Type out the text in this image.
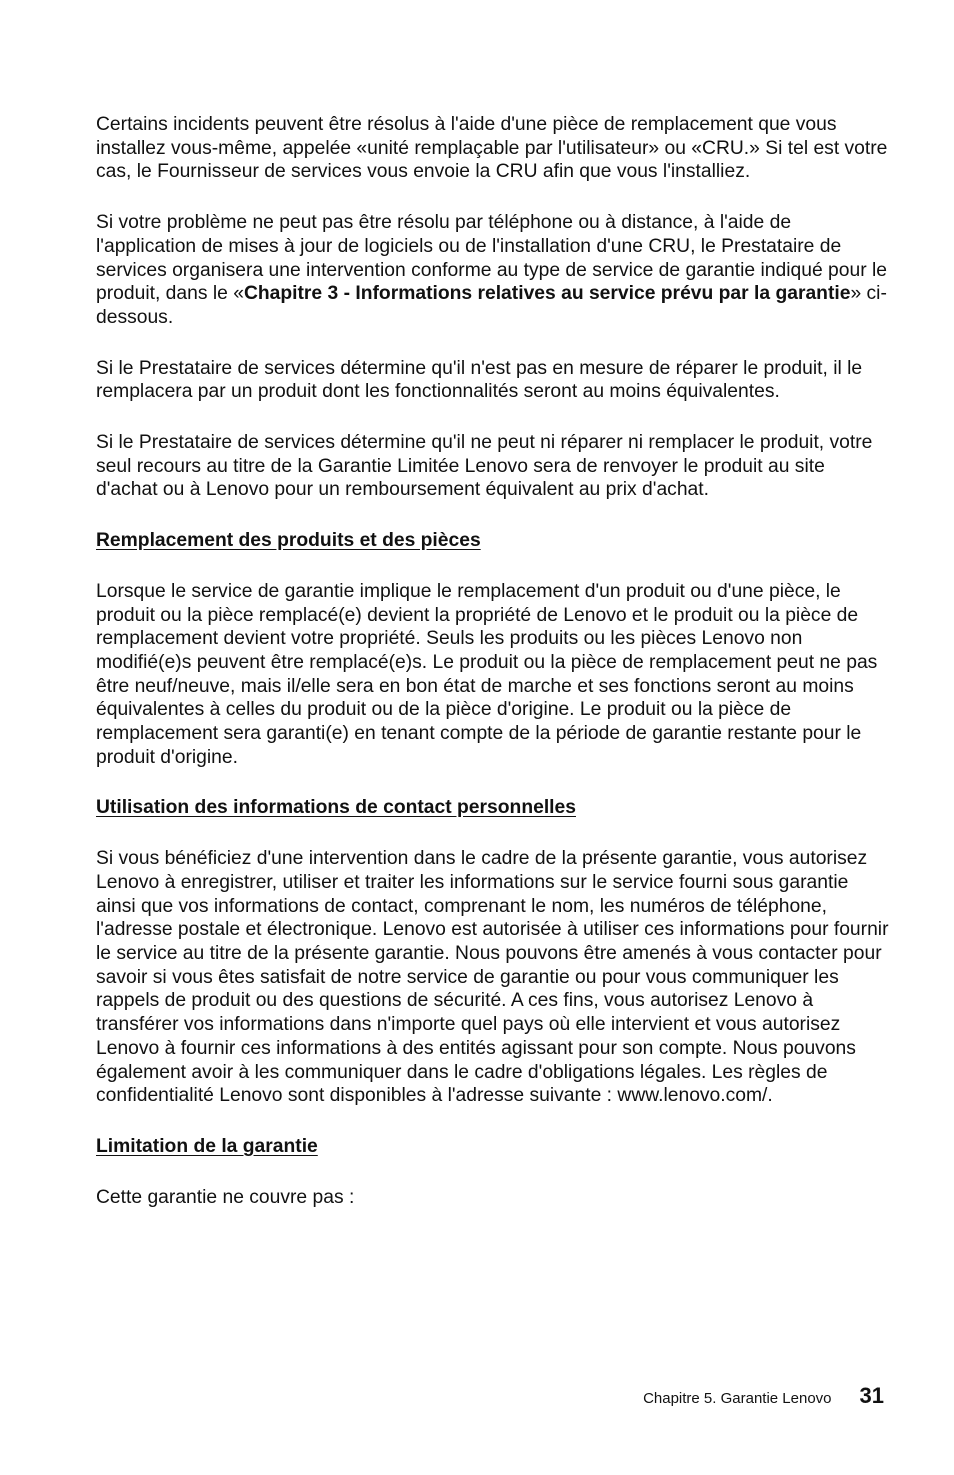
Certains incidents peuvent être résolus à l'aide d'une pièce de remplacement que vous installez vous-même, appelée «unité remplaçable par l'utilisateur» ou «CRU.» Si tel est votre cas, le Fournisseur de services vous envoie la CRU afin que vous l'installiez.

Si votre problème ne peut pas être résolu par téléphone ou à distance, à l'aide de l'application de mises à jour de logiciels ou de l'installation d'une CRU, le Prestataire de services organisera une intervention conforme au type de service de garantie indiqué pour le produit, dans le «Chapitre 3 - Informations relatives au service prévu par la garantie» ci-dessous.

Si le Prestataire de services détermine qu'il n'est pas en mesure de réparer le produit, il le remplacera par un produit dont les fonctionnalités seront au moins équivalentes.

Si le Prestataire de services détermine qu'il ne peut ni réparer ni remplacer le produit, votre seul recours au titre de la Garantie Limitée Lenovo sera de renvoyer le produit au site d'achat ou à Lenovo pour un remboursement équivalent au prix d'achat.

Remplacement des produits et des pièces

Lorsque le service de garantie implique le remplacement d'un produit ou d'une pièce, le produit ou la pièce remplacé(e) devient la propriété de Lenovo et le produit ou la pièce de remplacement devient votre propriété. Seuls les produits ou les pièces Lenovo non modifié(e)s peuvent être remplacé(e)s. Le produit ou la pièce de remplacement peut ne pas être neuf/neuve, mais il/elle sera en bon état de marche et ses fonctions seront au moins équivalentes à celles du produit ou de la pièce d'origine. Le produit ou la pièce de remplacement sera garanti(e) en tenant compte de la période de garantie restante pour le produit d'origine.

Utilisation des informations de contact personnelles

Si vous bénéficiez d'une intervention dans le cadre de la présente garantie, vous autorisez Lenovo à enregistrer, utiliser et traiter les informations sur le service fourni sous garantie ainsi que vos informations de contact, comprenant le nom, les numéros de téléphone, l'adresse postale et électronique. Lenovo est autorisée à utiliser ces informations pour fournir le service au titre de la présente garantie. Nous pouvons être amenés à vous contacter pour savoir si vous êtes satisfait de notre service de garantie ou pour vous communiquer les rappels de produit ou des questions de sécurité. A ces fins, vous autorisez Lenovo à transférer vos informations dans n'importe quel pays où elle intervient et vous autorisez Lenovo à fournir ces informations à des entités agissant pour son compte. Nous pouvons également avoir à les communiquer dans le cadre d'obligations légales. Les règles de confidentialité Lenovo sont disponibles à l'adresse suivante : www.lenovo.com/.

Limitation de la garantie

Cette garantie ne couvre pas :

Chapitre 5. Garantie Lenovo 31
